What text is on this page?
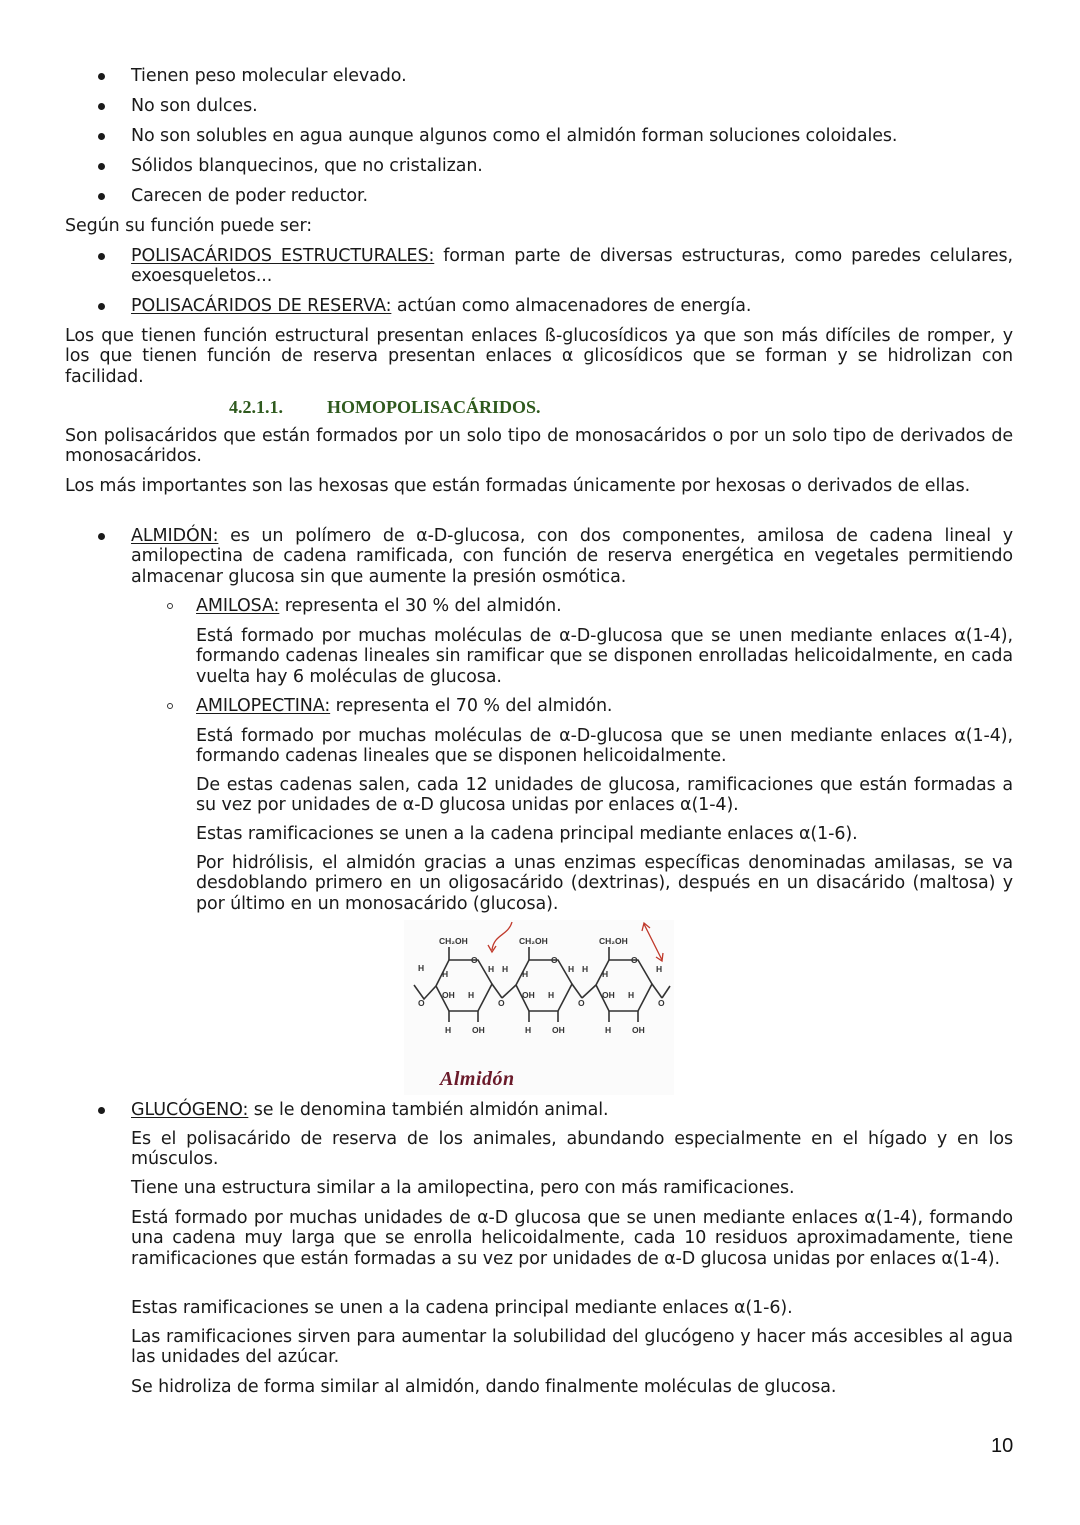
Tienen peso molecular elevado.
No son dulces.
No son solubles en agua aunque algunos como el almidón forman soluciones coloidales.
Sólidos blanquecinos, que no cristalizan.
Carecen de poder reductor.
Según su función puede ser:
POLISACÁRIDOS ESTRUCTURALES: forman parte de diversas estructuras, como paredes celulares, exoesqueletos...
POLISACÁRIDOS DE RESERVA: actúan como almacenadores de energía.
Los que tienen función estructural presentan enlaces ß-glucosídicos ya que son más difíciles de romper, y los que tienen función de reserva presentan enlaces α glicosídicos que se forman y se hidrolizan con facilidad.
4.2.1.1. HOMOPOLISACÁRIDOS.
Son polisacáridos que están formados por un solo tipo de monosacáridos o por un solo tipo de derivados de monosacáridos.
Los más importantes son las hexosas que están formadas únicamente por hexosas o derivados de ellas.
ALMIDÓN: es un polímero de α-D-glucosa, con dos componentes, amilosa de cadena lineal y amilopectina de cadena ramificada, con función de reserva energética en vegetales permitiendo almacenar glucosa sin que aumente la presión osmótica.
AMILOSA: representa el 30 % del almidón.
Está formado por muchas moléculas de α-D-glucosa que se unen mediante enlaces α(1-4), formando cadenas lineales sin ramificar que se disponen enrolladas helicoidalmente, en cada vuelta hay 6 moléculas de glucosa.
AMILOPECTINA: representa el 70 % del almidón.
Está formado por muchas moléculas de α-D-glucosa que se unen mediante enlaces α(1-4), formando cadenas lineales que se disponen helicoidalmente.
De estas cadenas salen, cada 12 unidades de glucosa, ramificaciones que están formadas a su vez por unidades de α-D glucosa unidas por enlaces α(1-4).
Estas ramificaciones se unen a la cadena principal mediante enlaces α(1-6).
Por hidrólisis, el almidón gracias a unas enzimas específicas denominadas amilasas, se va desdoblando primero en un oligosacárido (dextrinas), después en un disacárido (maltosa) y por último en un monosacárido (glucosa).
CH₂OH	CH₂OH	CH₂OH
O	O	O
H
H	H H H	H H H	H
OH H	OH H	OH H
O	O	O	O
H OH	H OH	H OH
Almidón
GLUCÓGENO: se le denomina también almidón animal.
Es el polisacárido de reserva de los animales, abundando especialmente en el hígado y en los músculos.
Tiene una estructura similar a la amilopectina, pero con más ramificaciones.
Está formado por muchas unidades de α-D glucosa que se unen mediante enlaces α(1-4), formando una cadena muy larga que se enrolla helicoidalmente, cada 10 residuos aproximadamente, tiene ramificaciones que están formadas a su vez por unidades de α-D glucosa unidas por enlaces α(1-4).
Estas ramificaciones se unen a la cadena principal mediante enlaces α(1-6).
Las ramificaciones sirven para aumentar la solubilidad del glucógeno y hacer más accesibles al agua las unidades del azúcar.
Se hidroliza de forma similar al almidón, dando finalmente moléculas de glucosa.
10
